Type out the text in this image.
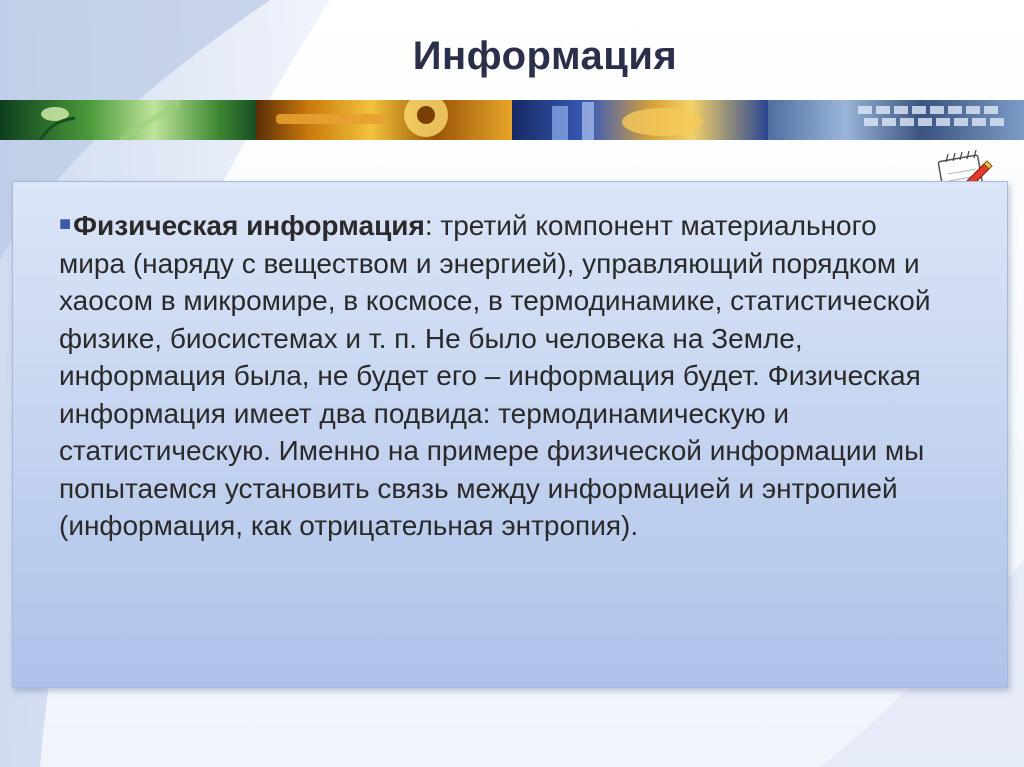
Информация
■Физическая информация: третий компонент материального мира (наряду с веществом и энергией), управляющий порядком и хаосом в микромире, в космосе, в термодинамике, статистической физике, биосистемах и т. п. Не было человека на Земле, информация была, не будет его – информация будет. Физическая информация имеет два подвида: термодинамическую и статистическую. Именно на примере физической информации мы попытаемся установить связь между информацией и энтропией (информация, как отрицательная энтропия).
